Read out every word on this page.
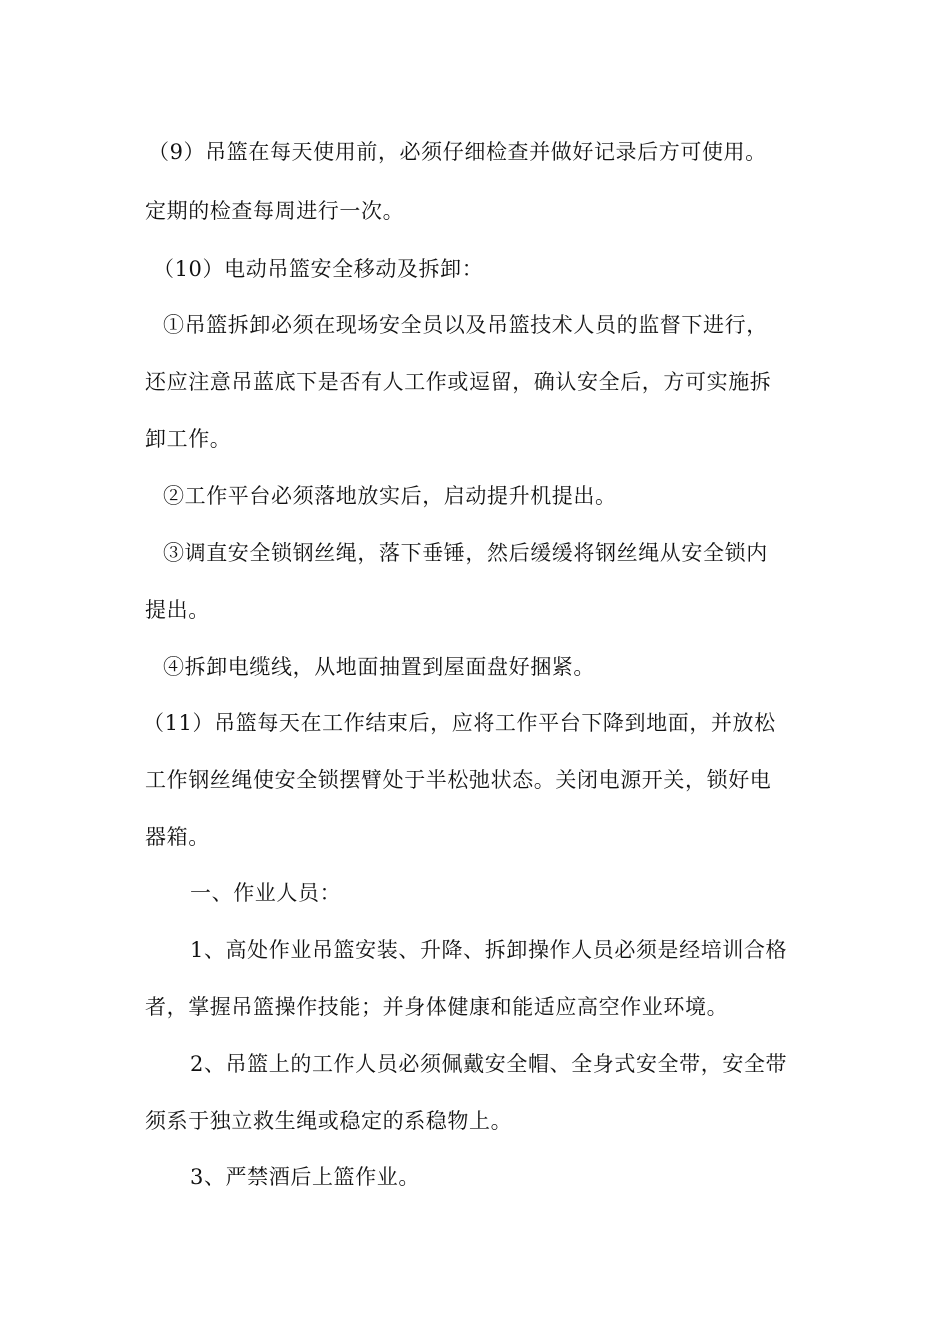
（9）吊篮在每天使用前，必须仔细检查并做好记录后方可使用。
定期的检查每周进行一次。
（10）电动吊篮安全移动及拆卸：
①吊篮拆卸必须在现场安全员以及吊篮技术人员的监督下进行，
还应注意吊蓝底下是否有人工作或逗留，确认安全后，方可实施拆
卸工作。
②工作平台必须落地放实后，启动提升机提出。
③调直安全锁钢丝绳，落下垂锤，然后缓缓将钢丝绳从安全锁内
提出。
④拆卸电缆线，从地面抽置到屋面盘好捆紧。
（11）吊篮每天在工作结束后，应将工作平台下降到地面，并放松
工作钢丝绳使安全锁摆臂处于半松弛状态。关闭电源开关，锁好电
器箱。
一、作业人员：
1、高处作业吊篮安装、升降、拆卸操作人员必须是经培训合格
者，掌握吊篮操作技能；并身体健康和能适应高空作业环境。
2、吊篮上的工作人员必须佩戴安全帽、全身式安全带，安全带
须系于独立救生绳或稳定的系稳物上。
3、严禁酒后上篮作业。
